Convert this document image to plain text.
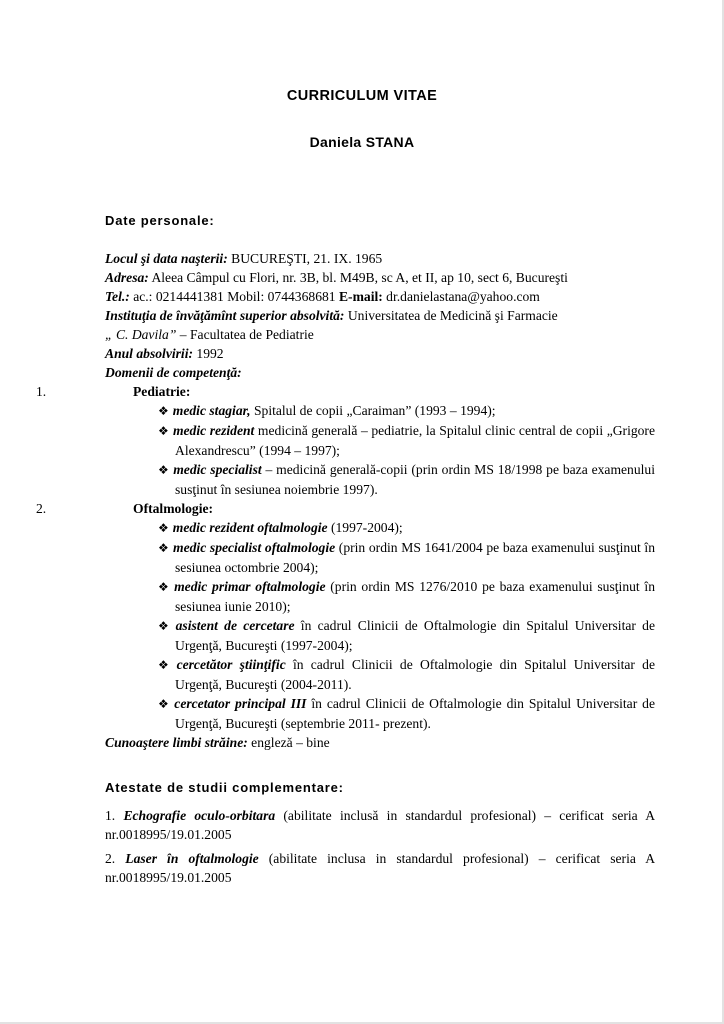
CURRICULUM VITAE
Daniela STANA
Date personale:

Locul şi data naşterii: BUCUREŞTI, 21. IX. 1965

Adresa: Aleea Câmpul cu Flori, nr. 3B, bl. M49B, sc A, et II, ap 10, sect 6, Bucureşti

Tel.: ac.: 0214441381 Mobil: 0744368681 E-mail: dr.danielastana@yahoo.com

Instituţia de învăţămînt superior absolvită: Universitatea de Medicină şi Farmacie

„ C. Davila” – Facultatea de Pediatrie

Anul absolvirii: 1992

Domenii de competenţă:

1.	Pediatrie:

❖ medic stagiar, Spitalul de copii „Caraiman” (1993 – 1994);

❖ medic rezident medicină generală – pediatrie, la Spitalul clinic central de copii „Grigore Alexandrescu” (1994 – 1997);

❖ medic specialist – medicină generală-copii (prin ordin MS 18/1998 pe baza examenului susţinut în sesiunea noiembrie 1997).

2.	Oftalmologie:

❖ medic rezident oftalmologie (1997-2004);

❖ medic specialist oftalmologie (prin ordin MS 1641/2004 pe baza examenului susţinut în sesiunea octombrie 2004);

❖ medic primar oftalmologie (prin ordin MS 1276/2010 pe baza examenului susţinut în sesiunea iunie 2010);

❖ asistent de cercetare în cadrul Clinicii de Oftalmologie din Spitalul Universitar de Urgenţă, Bucureşti (1997-2004);

❖ cercetător ştiinţific în cadrul Clinicii de Oftalmologie din Spitalul Universitar de Urgenţă, Bucureşti (2004-2011).

❖ cercetator principal III în cadrul Clinicii de Oftalmologie din Spitalul Universitar de Urgenţă, Bucureşti (septembrie 2011- prezent).

Cunoaştere limbi străine: engleză – bine

Atestate de studii complementare:

1. Echografie oculo-orbitara (abilitate inclusă in standardul profesional) – cerificat seria A nr.0018995/19.01.2005

2. Laser în oftalmologie (abilitate inclusa in standardul profesional) – cerificat seria A nr.0018995/19.01.2005
